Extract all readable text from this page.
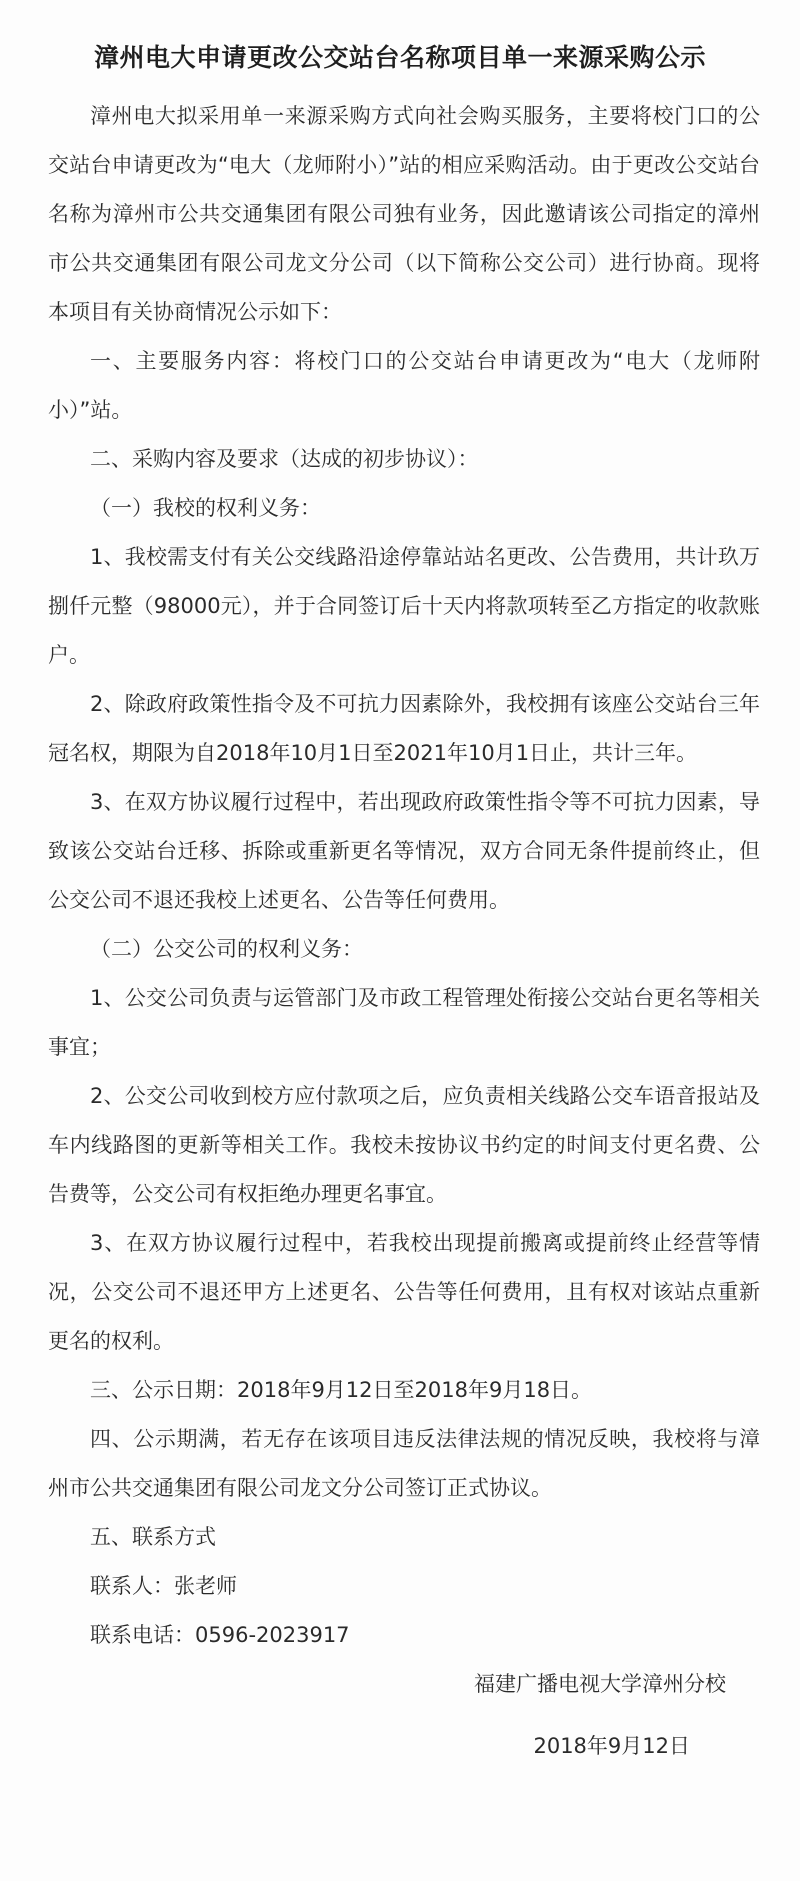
漳州电大申请更改公交站台名称项目单一来源采购公示

漳州电大拟采用单一来源采购方式向社会购买服务，主要将校门口的公交站台申请更改为“电大（龙师附小）”站的相应采购活动。由于更改公交站台名称为漳州市公共交通集团有限公司独有业务，因此邀请该公司指定的漳州市公共交通集团有限公司龙文分公司（以下简称公交公司）进行协商。现将本项目有关协商情况公示如下：

一、主要服务内容：将校门口的公交站台申请更改为“电大（龙师附小）”站。

二、采购内容及要求（达成的初步协议）：

（一）我校的权利义务：

1、我校需支付有关公交线路沿途停靠站站名更改、公告费用，共计玖万捌仟元整（98000元），并于合同签订后十天内将款项转至乙方指定的收款账户。

2、除政府政策性指令及不可抗力因素除外，我校拥有该座公交站台三年冠名权，期限为自2018年10月1日至2021年10月1日止，共计三年。

3、在双方协议履行过程中，若出现政府政策性指令等不可抗力因素，导致该公交站台迁移、拆除或重新更名等情况，双方合同无条件提前终止，但公交公司不退还我校上述更名、公告等任何费用。

（二）公交公司的权利义务：

1、公交公司负责与运管部门及市政工程管理处衔接公交站台更名等相关事宜；

2、公交公司收到校方应付款项之后，应负责相关线路公交车语音报站及车内线路图的更新等相关工作。我校未按协议书约定的时间支付更名费、公告费等，公交公司有权拒绝办理更名事宜。

3、在双方协议履行过程中，若我校出现提前搬离或提前终止经营等情况，公交公司不退还甲方上述更名、公告等任何费用，且有权对该站点重新更名的权利。

三、公示日期：2018年9月12日至2018年9月18日。

四、公示期满，若无存在该项目违反法律法规的情况反映，我校将与漳州市公共交通集团有限公司龙文分公司签订正式协议。

五、联系方式

联系人：张老师

联系电话：0596-2023917

福建广播电视大学漳州分校
2018年9月12日
